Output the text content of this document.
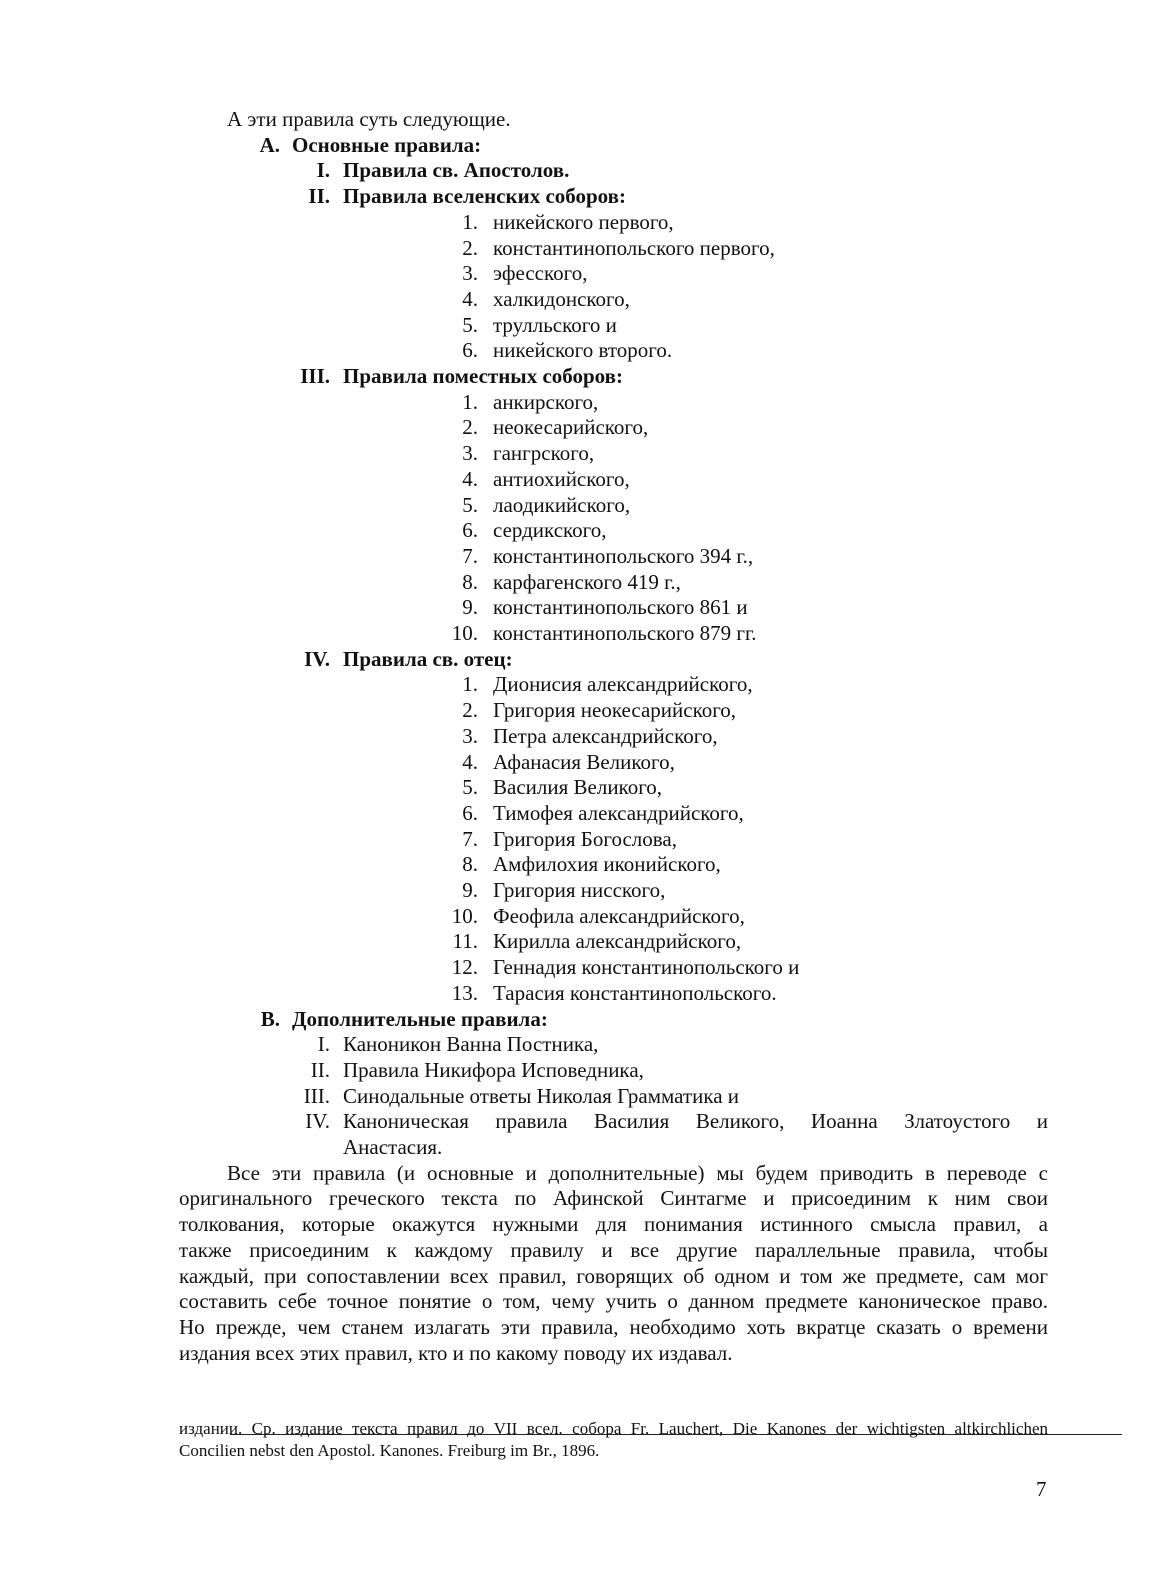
А эти правила суть следующие.
A. Основные правила:
I. Правила св. Апостолов.
II. Правила вселенских соборов:
1. никейского первого,
2. константинопольского первого,
3. эфесского,
4. халкидонского,
5. трулльского и
6. никейского второго.
III. Правила поместных соборов:
1. анкирского,
2. неокесарийского,
3. гангрского,
4. антиохийского,
5. лаодикийского,
6. сердикского,
7. константинопольского 394 г.,
8. карфагенского 419 г.,
9. константинопольского 861 и
10. константинопольского 879 гг.
IV. Правила св. отец:
1. Дионисия александрийского,
2. Григория неокесарийского,
3. Петра александрийского,
4. Афанасия Великого,
5. Василия Великого,
6. Тимофея александрийского,
7. Григория Богослова,
8. Амфилохия иконийского,
9. Григория нисского,
10. Феофила александрийского,
11. Кирилла александрийского,
12. Геннадия константинопольского и
13. Тарасия константинопольского.
B. Дополнительные правила:
I. Каноникон Ванна Постника,
II. Правила Никифора Исповедника,
III. Синодальные ответы Николая Грамматика и
IV. Каноническая правила Василия Великого, Иоанна Златоустого и
Анастасия.
Все эти правила (и основные и дополнительные) мы будем приводить в переводе с
оригинального греческого текста по Афинской Синтагме и присоединим к ним свои
толкования, которые окажутся нужными для понимания истинного смысла правил, а
также присоединим к каждому правилу и все другие параллельные правила, чтобы
каждый, при сопоставлении всех правил, говорящих об одном и том же предмете, сам мог
составить себе точное понятие о том, чему учить о данном предмете каноническое право.
Но прежде, чем станем излагать эти правила, необходимо хоть вкратце сказать о времени
издания всех этих правил, кто и по какому поводу их издавал.
издании. Ср. издание текста правил до VII всел. собора Fr. Lauchert, Die Kanones der wichtigsten altkirchlichen
Concilien nebst den Apostol. Kanones. Freiburg im Br., 1896.
7
